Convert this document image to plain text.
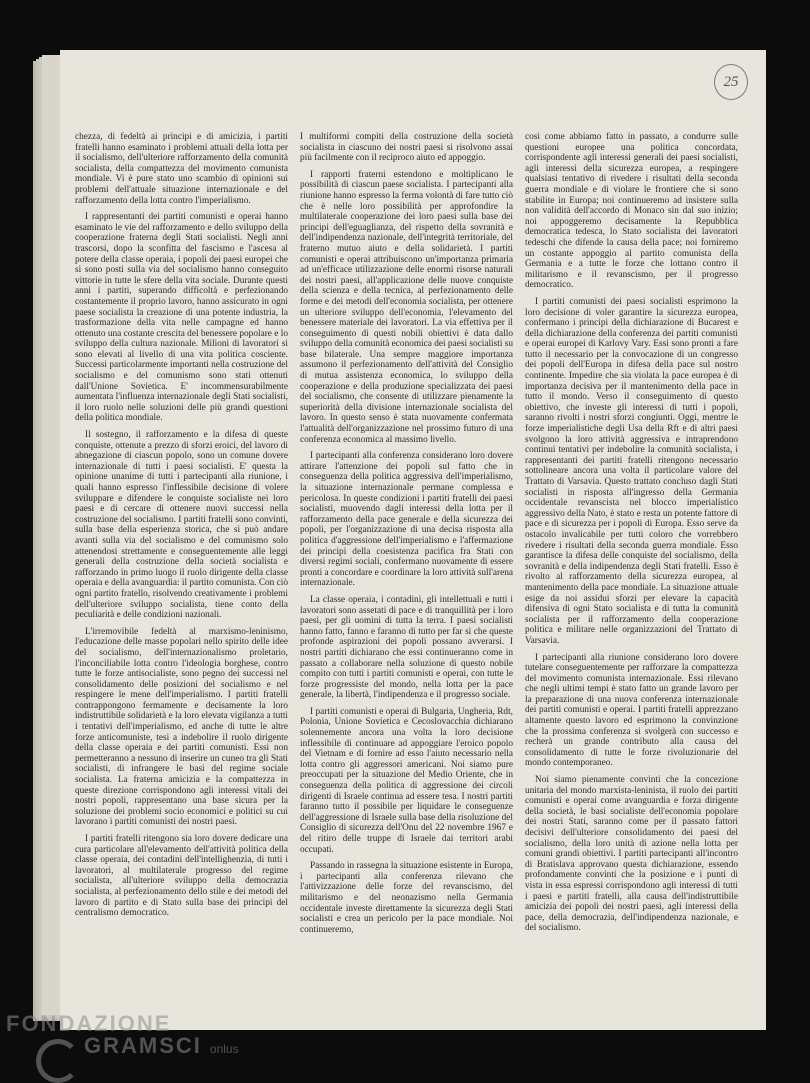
25

chezza, di fedeltà ai principi e di amicizia, i partiti fratelli hanno esaminato i problemi attuali della lotta per il socialismo, dell'ulteriore rafforzamento della comunità socialista, della compattezza del movimento comunista mondiale. Vi è pure stato uno scambio di opinioni sui problemi dell'attuale situazione internazionale e del rafforzamento della lotta contro l'imperialismo.

I rappresentanti dei partiti comunisti e operai hanno esaminato le vie del rafforzamento e dello sviluppo della cooperazione fraterna degli Stati socialisti. Negli anni trascorsi, dopo la sconfitta del fascismo e l'ascesa al potere della classe operaia, i popoli dei paesi europei che si sono posti sulla via del socialismo hanno conseguito vittorie in tutte le sfere della vita sociale. Durante questi anni i partiti, superando difficoltà e perfezionando costantemente il proprio lavoro, hanno assicurato in ogni paese socialista la creazione di una potente industria, la trasformazione della vita nelle campagne ed hanno ottenuto una costante crescita del benessere popolare e lo sviluppo della cultura nazionale. Milioni di lavoratori si sono elevati al livello di una vita politica cosciente. Successi particolarmente importanti nella costruzione del socialismo e del comunismo sono stati ottenuti dall'Unione Sovietica. E' incommensurabilmente aumentata l'influenza internazionale degli Stati socialisti, il loro ruolo nelle soluzioni delle più grandi questioni della politica mondiale.

Il sostegno, il rafforzamento e la difesa di queste conquiste, ottenute a prezzo di sforzi eroici, del lavoro di abnegazione di ciascun popolo, sono un comune dovere internazionale di tutti i paesi socialisti. E' questa la opinione unanime di tutti i partecipanti alla riunione, i quali hanno espresso l'inflessibile decisione di volere sviluppare e difendere le conquiste socialiste nei loro paesi e di cercare di ottenere nuovi successi nella costruzione del socialismo. I partiti fratelli sono convinti, sulla base della esperienza storica, che si può andare avanti sulla via del socialismo e del comunismo solo attenendosi strettamente e conseguentemente alle leggi generali della costruzione della società socialista e rafforzando in primo luogo il ruolo dirigente della classe operaia e della avanguardia: il partito comunista. Con ciò ogni partito fratello, risolvendo creativamente i problemi dell'ulteriore sviluppo socialista, tiene conto della peculiarità e delle condizioni nazionali.

L'irremovibile fedeltà al marxismo-leninismo, l'educazione delle masse popolari nello spirito delle idee del socialismo, dell'internazionalismo proletario, l'inconciliabile lotta contro l'ideologia borghese, contro tutte le forze antisocialiste, sono pegno dei successi nel consolidamento delle posizioni del socialismo e nel respingere le mene dell'imperialismo. I partiti fratelli contrappongono fermamente e decisamente la loro indistruttibile solidarietà e la loro elevata vigilanza a tutti i tentativi dell'imperialismo, ed anche di tutte le altre forze anticomuniste, tesi a indebolire il ruolo dirigente della classe operaia e dei partiti comunisti. Essi non permetteranno a nessuno di inserire un cuneo tra gli Stati socialisti, di infrangere le basi del regime sociale socialista. La fraterna amicizia e la compattezza in queste direzione corrispondono agli interessi vitali dei nostri popoli, rappresentano una base sicura per la soluzione dei problemi socio economici e politici su cui lavorano i partiti comunisti dei nostri paesi.

I partiti fratelli ritengono sia loro dovere dedicare una cura particolare all'elevamento dell'attività politica della classe operaia, dei contadini dell'intellighenzia, di tutti i lavoratori, al multilaterale progresso del regime socialista, all'ulteriore sviluppo della democrazia socialista, al perfezionamento dello stile e dei metodi del lavoro di partito e di Stato sulla base dei principi del centralismo democratico.

I multiformi compiti della costruzione della società socialista in ciascuno dei nostri paesi si risolvono assai più facilmente con il reciproco aiuto ed appoggio.

I rapporti fraterni estendono e moltiplicano le possibilità di ciascun paese socialista. I partecipanti alla riunione hanno espresso la ferma volontà di fare tutto ciò che è nelle loro possibilità per approfondire la multilaterale cooperazione dei loro paesi sulla base dei principi dell'eguaglianza, del rispetto della sovranità e dell'indipendenza nazionale, dell'integrità territoriale, del fraterno mutuo aiuto e della solidarietà. I partiti comunisti e operai attribuiscono un'importanza primaria ad un'efficace utilizzazione delle enormi risorse naturali dei nostri paesi, all'applicazione delle nuove conquiste della scienza e della tecnica, al perfezionamento delle forme e dei metodi dell'economia socialista, per ottenere un ulteriore sviluppo dell'economia, l'elevamento del benessere materiale dei lavoratori. La via effettiva per il conseguimento di questi nobili obiettivi è data dallo sviluppo della comunità economica dei paesi socialisti su base bilaterale. Una sempre maggiore importanza assumono il perfezionamento dell'attività del Consiglio di mutua assistenza economica, lo sviluppo della cooperazione e della produzione specializzata dei paesi del socialismo, che consente di utilizzare pienamente la superiorità della divisione internazionale socialista del lavoro. In questo senso è stata nuovamente confermata l'attualità dell'organizzazione nel prossimo futuro di una conferenza economica al massimo livello.

I partecipanti alla conferenza considerano loro dovere attirare l'attenzione dei popoli sul fatto che in conseguenza della politica aggressiva dell'imperialismo, la situazione internazionale permane complessa e pericolosa. In queste condizioni i partiti fratelli dei paesi socialisti, muovendo dagli interessi della lotta per il rafforzamento della pace generale e della sicurezza dei popoli, per l'organizzazione di una decisa risposta alla politica d'aggressione dell'imperialismo e l'affermazione dei principi della coesistenza pacifica fra Stati con diversi regimi sociali, confermano nuovamente di essere pronti a concordare e coordinare la loro attività sull'arena internazionale.

La classe operaia, i contadini, gli intellettuali e tutti i lavoratori sono assetati di pace e di tranquillità per i loro paesi, per gli uomini di tutta la terra. I paesi socialisti hanno fatto, fanno e faranno di tutto per far sì che queste profonde aspirazioni dei popoli possano avverarsi. I nostri partiti dichiarano che essi continueranno come in passato a collaborare nella soluzione di questo nobile compito con tutti i partiti comunisti e operai, con tutte le forze progressiste del mondo, nella lotta per la pace generale, la libertà, l'indipendenza e il progresso sociale.

I partiti comunisti e operai di Bulgaria, Ungheria, Rdt, Polonia, Unione Sovietica e Cecoslovacchia dichiarano solennemente ancora una volta la loro decisione inflessibile di continuare ad appoggiare l'eroico popolo del Vietnam e di fornire ad esso l'aiuto necessario nella lotta contro gli aggressori americani. Noi siamo pure preoccupati per la situazione del Medio Oriente, che in conseguenza della politica di aggressione dei circoli dirigenti di Israele continua ad essere tesa. I nostri partiti faranno tutto il possibile per liquidare le conseguenze dell'aggressione di Israele sulla base della risoluzione del Consiglio di sicurezza dell'Onu del 22 novembre 1967 e del ritiro delle truppe di Israele dai territori arabi occupati.

Passando in rassegna la situazione esistente in Europa, i partecipanti alla conferenza rilevano che l'attivizzazione delle forze del revanscismo, del militarismo e del neonazismo nella Germania occidentale investe direttamente la sicurezza degli Stati socialisti e crea un pericolo per la pace mondiale. Noi continueremo,

così come abbiamo fatto in passato, a condurre sulle questioni europee una politica concordata, corrispondente agli interessi generali dei paesi socialisti, agli interessi della sicurezza europea, a respingere qualsiasi tentativo di rivedere i risultati della seconda guerra mondiale e di violare le frontiere che si sono stabilite in Europa; noi continueremo ad insistere sulla non validità dell'accordo di Monaco sin dal suo inizio; noi appoggeremo decisamente la Repubblica democratica tedesca, lo Stato socialista dei lavoratori tedeschi che difende la causa della pace; noi forniremo un costante appoggio al partito comunista della Germania e a tutte le forze che lottano contro il militarismo e il revanscismo, per il progresso democratico.

I partiti comunisti dei paesi socialisti esprimono la loro decisione di voler garantire la sicurezza europea, confermano i principi della dichiarazione di Bucarest e della dichiarazione della conferenza dei partiti comunisti e operai europei di Karlovy Vary. Essi sono pronti a fare tutto il necessario per la convocazione di un congresso dei popoli dell'Europa in difesa della pace sul nostro continente. Impedire che sia violata la pace europea è di importanza decisiva per il mantenimento della pace in tutto il mondo. Verso il conseguimento di questo obiettivo, che investe gli interessi di tutti i popoli, saranno rivolti i nostri sforzi congiunti. Oggi, mentre le forze imperialistiche degli Usa della Rft e di altri paesi svolgono la loro attività aggressiva e intraprendono continui tentativi per indebolire la comunità socialista, i rappresentanti dei partiti fratelli ritengono necessario sottolineare ancora una volta il particolare valore del Trattato di Varsavia. Questo trattato concluso dagli Stati socialisti in risposta all'ingresso della Germania occidentale revanscista nel blocco imperialistico aggressivo della Nato, è stato e resta un potente fattore di pace e di sicurezza per i popoli di Europa. Esso serve da ostacolo invalicabile per tutti coloro che vorrebbero rivedere i risultati della seconda guerra mondiale. Esso garantisce la difesa delle conquiste del socialismo, della sovranità e della indipendenza degli Stati fratelli. Esso è rivolto al rafforzamento della sicurezza europea, al mantenimento della pace mondiale. La situazione attuale esige da noi assidui sforzi per elevare la capacità difensiva di ogni Stato socialista e di tutta la comunità socialista per il rafforzamento della cooperazione politica e militare nelle organizzazioni del Trattato di Varsavia.

I partecipanti alla riunione considerano loro dovere tutelare conseguentemente per rafforzare la compattezza del movimento comunista internazionale. Essi rilevano che negli ultimi tempi è stato fatto un grande lavoro per la preparazione di una nuova conferenza internazionale dei partiti comunisti e operai. I partiti fratelli apprezzano altamente questo lavoro ed esprimono la convinzione che la prossima conferenza si svolgerà con successo e recherà un grande contributo alla causa del consolidamento di tutte le forze rivoluzionarie del mondo contemporaneo.

Noi siamo pienamente convinti che la concezione unitaria del mondo marxista-leninista, il ruolo dei partiti comunisti e operai come avanguardia e forza dirigente della società, le basi socialiste dell'economia popolare dei nostri Stati, saranno come per il passato fattori decisivi dell'ulteriore consolidamento dei paesi del socialismo, della loro unità di azione nella lotta per comuni grandi obiettivi. I partiti partecipanti all'incontro di Bratislava approvano questa dichiarazione, essendo profondamente convinti che la posizione e i punti di vista in essa espressi corrispondono agli interessi di tutti i paesi e partiti fratelli, alla causa dell'indistruttibile amicizia dei popoli dei nostri paesi, agli interessi della pace, della democrazia, dell'indipendenza nazionale, e del socialismo.

FONDAZIONE
GRAMSCI onlus
